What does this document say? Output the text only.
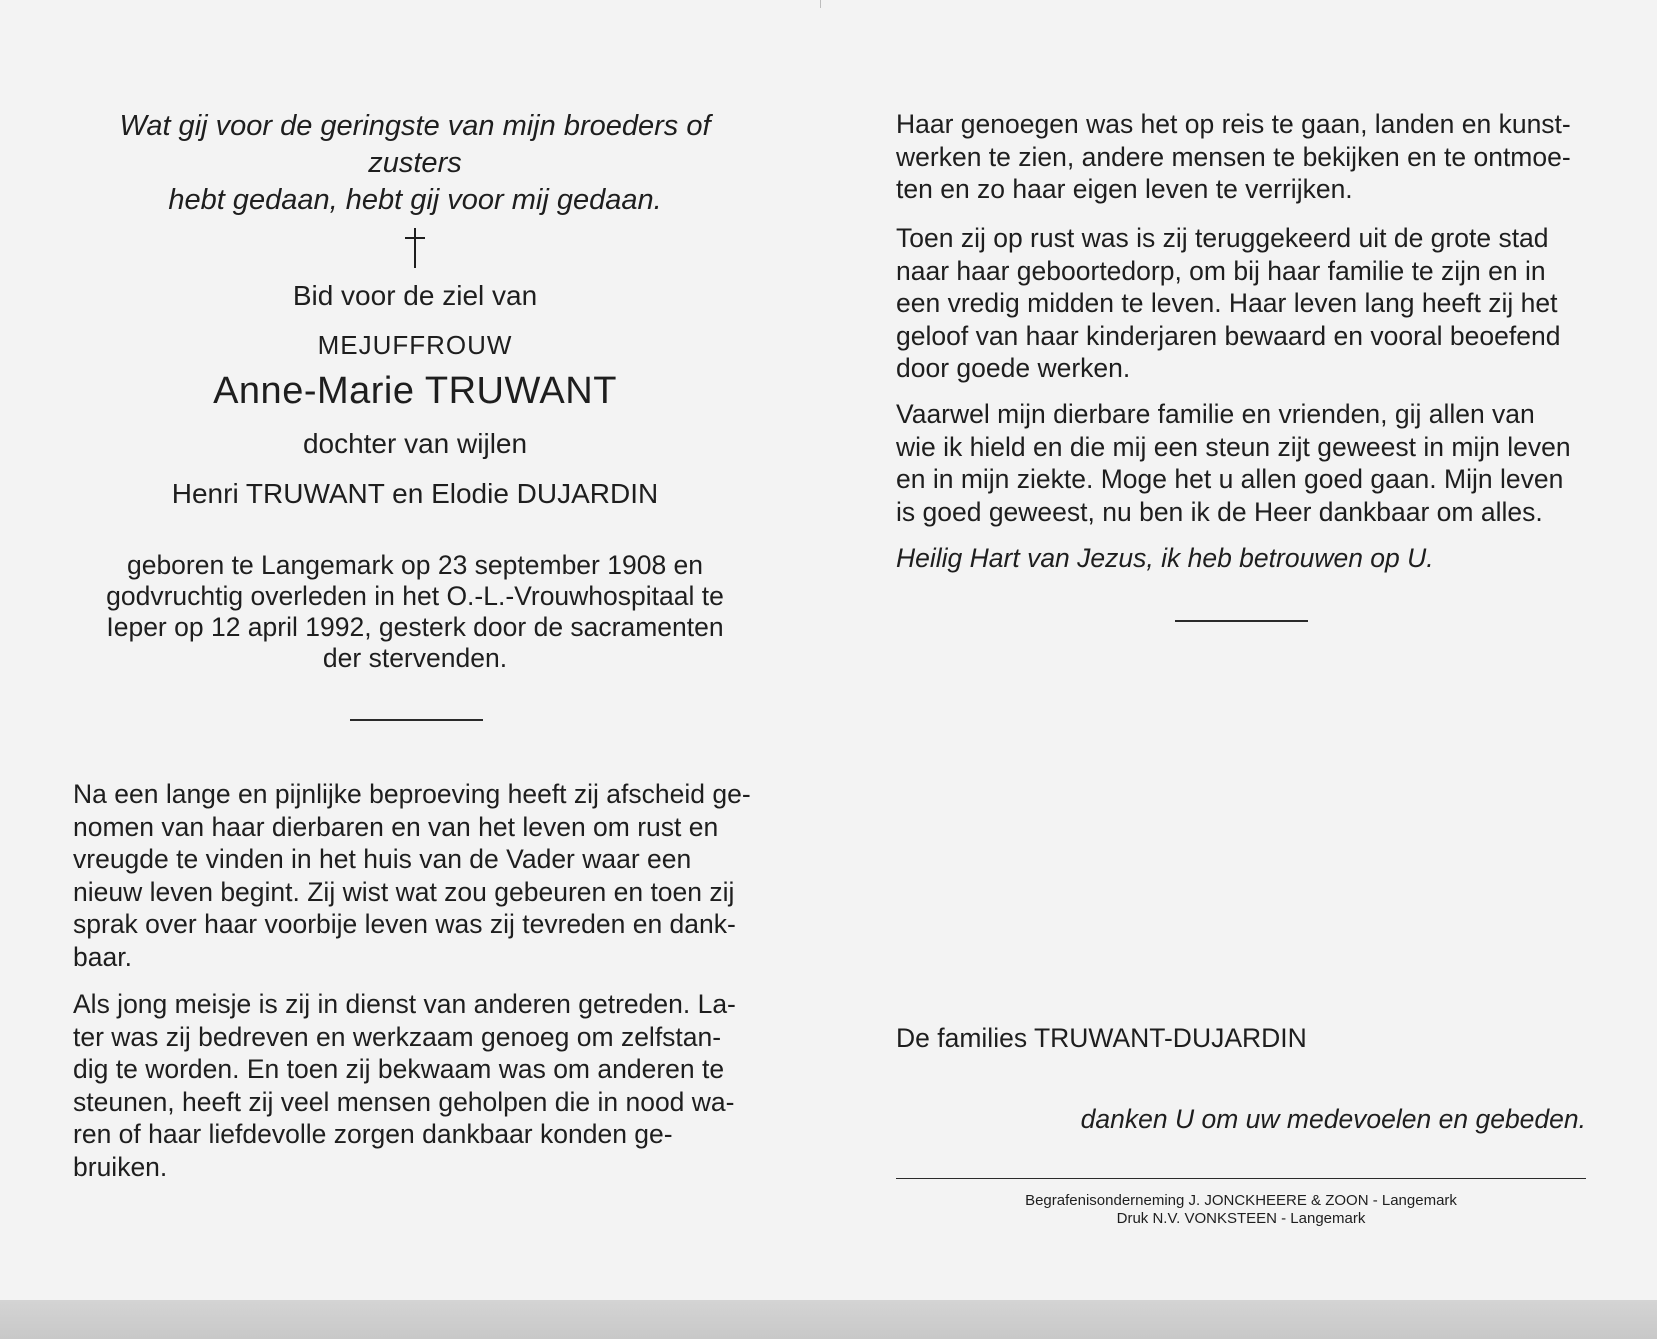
Wat gij voor de geringste van mijn broeders of zusters
hebt gedaan, hebt gij voor mij gedaan.

Bid voor de ziel van

MEJUFFROUW

Anne-Marie TRUWANT

dochter van wijlen

Henri TRUWANT en Elodie DUJARDIN

geboren te Langemark op 23 september 1908 en
godvruchtig overleden in het O.-L.-Vrouwhospitaal te
Ieper op 12 april 1992, gesterk door de sacramenten
der stervenden.

Na een lange en pijnlijke beproeving heeft zij afscheid ge-
nomen van haar dierbaren en van het leven om rust en
vreugde te vinden in het huis van de Vader waar een
nieuw leven begint. Zij wist wat zou gebeuren en toen zij
sprak over haar voorbije leven was zij tevreden en dank-
baar.

Als jong meisje is zij in dienst van anderen getreden. La-
ter was zij bedreven en werkzaam genoeg om zelfstan-
dig te worden. En toen zij bekwaam was om anderen te
steunen, heeft zij veel mensen geholpen die in nood wa-
ren of haar liefdevolle zorgen dankbaar konden ge-
bruiken.

Haar genoegen was het op reis te gaan, landen en kunst-
werken te zien, andere mensen te bekijken en te ontmoe-
ten en zo haar eigen leven te verrijken.

Toen zij op rust was is zij teruggekeerd uit de grote stad
naar haar geboortedorp, om bij haar familie te zijn en in
een vredig midden te leven. Haar leven lang heeft zij het
geloof van haar kinderjaren bewaard en vooral beoefend
door goede werken.

Vaarwel mijn dierbare familie en vrienden, gij allen van
wie ik hield en die mij een steun zijt geweest in mijn leven
en in mijn ziekte. Moge het u allen goed gaan. Mijn leven
is goed geweest, nu ben ik de Heer dankbaar om alles.

Heilig Hart van Jezus, ik heb betrouwen op U.

De families TRUWANT-DUJARDIN

danken U om uw medevoelen en gebeden.

Begrafenisonderneming J. JONCKHEERE & ZOON - Langemark
Druk N.V. VONKSTEEN - Langemark
